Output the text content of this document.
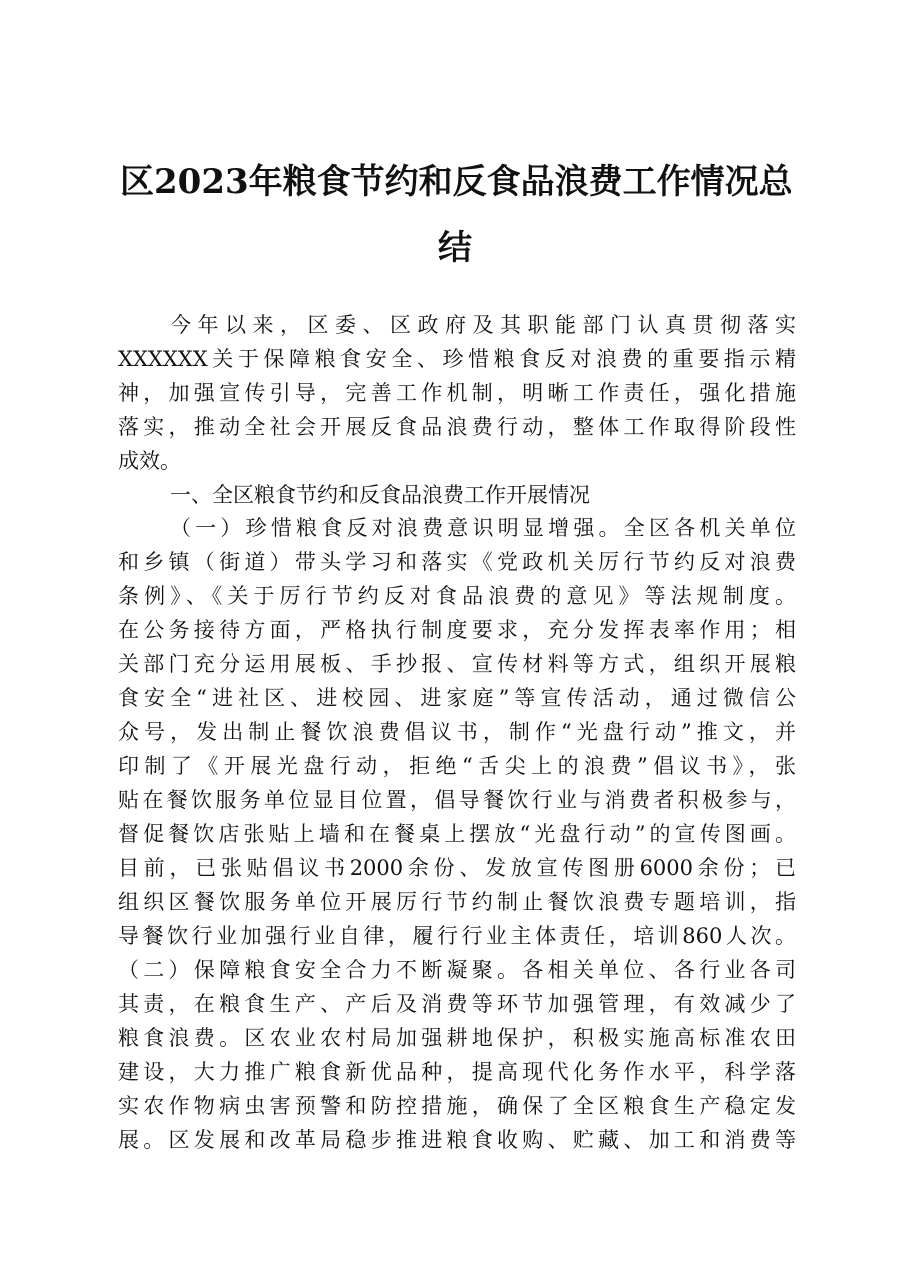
区2023年粮食节约和反食品浪费工作情况总
结

今年以来，区委、区政府及其职能部门认真贯彻落实

XXXXXX关于保障粮食安全、珍惜粮食反对浪费的重要指示精

神，加强宣传引导，完善工作机制，明晰工作责任，强化措施

落实，推动全社会开展反食品浪费行动，整体工作取得阶段性

成效。

一、全区粮食节约和反食品浪费工作开展情况

（一）珍惜粮食反对浪费意识明显增强。全区各机关单位

和乡镇（街道）带头学习和落实《党政机关厉行节约反对浪费

条例》、《关于厉行节约反对食品浪费的意见》等法规制度。

在公务接待方面，严格执行制度要求，充分发挥表率作用；相

关部门充分运用展板、手抄报、宣传材料等方式，组织开展粮

食安全“进社区、进校园、进家庭”等宣传活动，通过微信公

众号，发出制止餐饮浪费倡议书，制作“光盘行动”推文，并

印制了《开展光盘行动，拒绝“舌尖上的浪费”倡议书》，张

贴在餐饮服务单位显目位置，倡导餐饮行业与消费者积极参与，

督促餐饮店张贴上墙和在餐桌上摆放“光盘行动”的宣传图画。

目前，已张贴倡议书2000余份、发放宣传图册6000余份；已

组织区餐饮服务单位开展厉行节约制止餐饮浪费专题培训，指

导餐饮行业加强行业自律，履行行业主体责任，培训860人次。

（二）保障粮食安全合力不断凝聚。各相关单位、各行业各司

其责，在粮食生产、产后及消费等环节加强管理，有效减少了

粮食浪费。区农业农村局加强耕地保护，积极实施高标准农田

建设，大力推广粮食新优品种，提高现代化务作水平，科学落

实农作物病虫害预警和防控措施，确保了全区粮食生产稳定发

展。区发展和改革局稳步推进粮食收购、贮藏、加工和消费等
